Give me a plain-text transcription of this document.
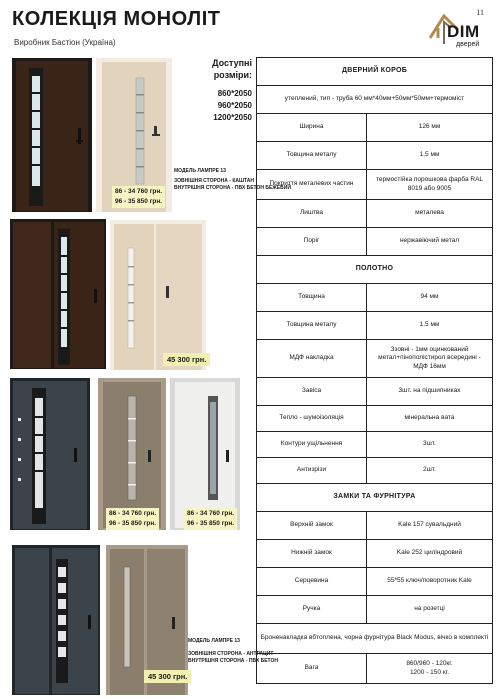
11
КОЛЕКЦІЯ МОНОЛІТ
Виробник Бастіон (Україна)
DIM
дверей
Доступні
розміри:
860*2050
960*2050
1200*2050
МОДЕЛЬ ЛАМПРЕ 13
ЗОВНІШНЯ СТОРОНА - КАШТАН
ВНУТРІШНЯ СТОРОНА - ПВХ БЕТОН БЕЖЕВИЙ
86 - 34 760 грн.
96 - 35 850 грн.
45 300 грн.
86 - 34 760 грн.
96 - 35 850 грн.
86 - 34 760 грн.
96 - 35 850 грн.
МОДЕЛЬ ЛАМПРЕ 13
ЗОВНІШНЯ СТОРОНА - АНТРАЦИТ
ВНУТРІШНЯ СТОРОНА - ПВХ БЕТОН
45 300 грн.
ДВЕРНИЙ КОРОБ	
утеплений, тип - труба 60 мм*40мм+50мм*50мм+термоміст	
Ширина	126 мм
Товщина металу	1,5 мм
Покриття металевих частин	термостійка порошкова фарба RAL 8019 або 9005
Лиштва	металева
Поріг	нержавіючий метал
ПОЛОТНО	
Товщина	94 мм
Товщина металу	1.5 мм
МДФ накладка	Ззовні - 1мм оцинкований метал+пінополістирол всередині - МДФ 16мм
Завіса	3шт. на підшипниках
Тепло - шумоізоляція	мінеральна вата
Контури ущільнення	3шт.
Антизрізи	2шт.
ЗАМКИ ТА ФУРНІТУРА	
Верхній замок	Kale 157 сувальдний
Нижній замок	Kale 252 циліндровий
Серцевина	55*55 ключ/поворотник Kale
Ручка	на розетці
Броненакладка вбтоплена, чорна фурнітура Black Modus, вічко в комплекті	
Вага	860/960 - 120кг.
1200 - 150 кг.
